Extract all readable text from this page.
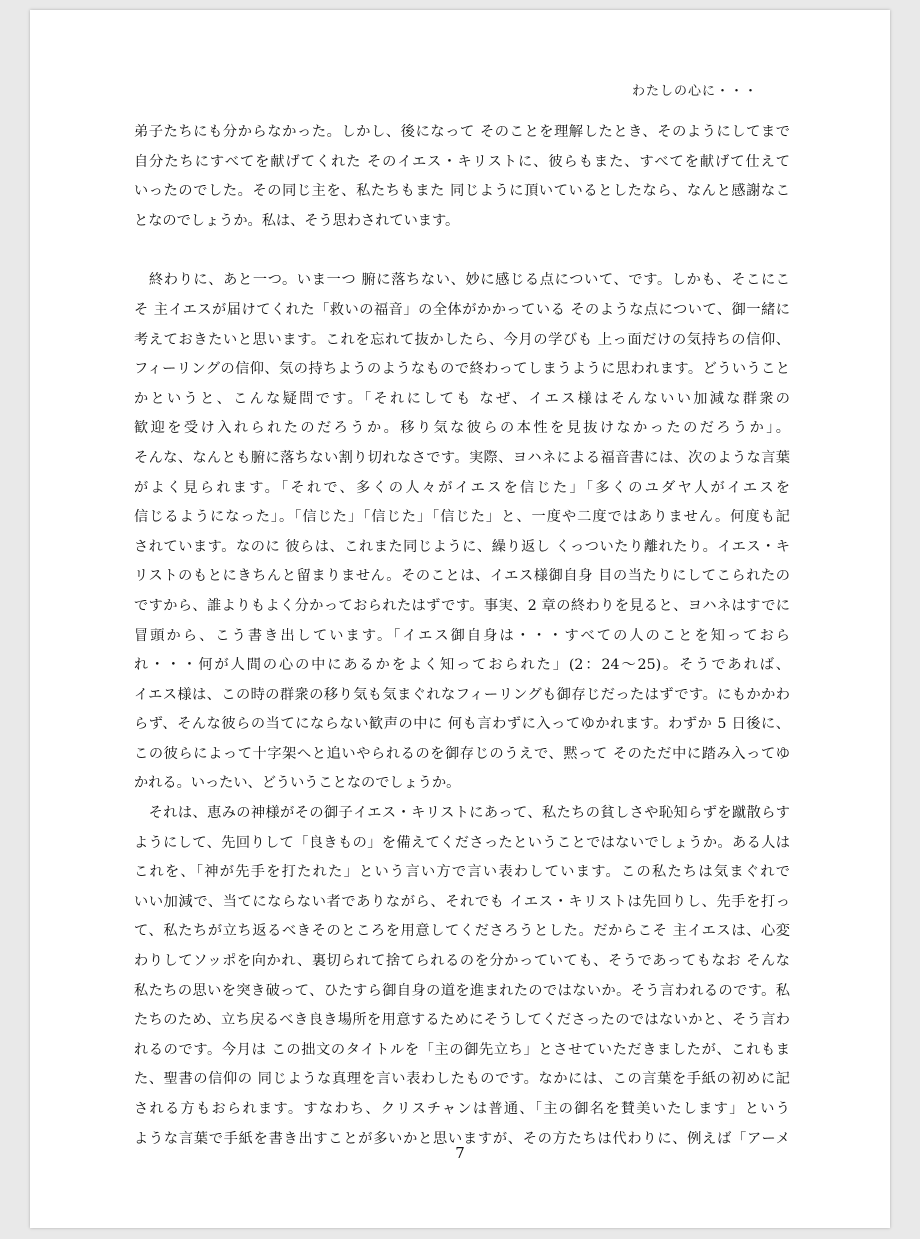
わたしの心に・・・
弟子たちにも分からなかった。しかし、後になって そのことを理解したとき、そのようにしてまで
自分たちにすべてを献げてくれた そのイエス・キリストに、彼らもまた、すべてを献げて仕えて
いったのでした。その同じ主を、私たちもまた 同じように頂いているとしたなら、なんと感謝なこ
となのでしょうか。私は、そう思わされています。
　終わりに、あと一つ。いま一つ 腑に落ちない、妙に感じる点について、です。しかも、そこにこ
そ 主イエスが届けてくれた「救いの福音」の全体がかかっている そのような点について、御一緒に
考えておきたいと思います。これを忘れて抜かしたら、今月の学びも 上っ面だけの気持ちの信仰、
フィーリングの信仰、気の持ちようのようなもので終わってしまうように思われます。どういうこと
かというと、こんな疑問です。「それにしても なぜ、イエス様はそんないい加減な群衆の
歓迎を受け入れられたのだろうか。移り気な彼らの本性を見抜けなかったのだろうか」。
そんな、なんとも腑に落ちない割り切れなさです。実際、ヨハネによる福音書には、次のような言葉
がよく見られます。「それで、多くの人々がイエスを信じた」「多くのユダヤ人がイエスを
信じるようになった」。「信じた」「信じた」「信じた」と、一度や二度ではありません。何度も記
されています。なのに 彼らは、これまた同じように、繰り返し くっついたり離れたり。イエス・キ
リストのもとにきちんと留まりません。そのことは、イエス様御自身 目の当たりにしてこられたの
ですから、誰よりもよく分かっておられたはずです。事実、2 章の終わりを見ると、ヨハネはすでに
冒頭から、こう書き出しています。「イエス御自身は・・・すべての人のことを知っておら
れ・・・何が人間の心の中にあるかをよく知っておられた」(2：24～25)。そうであれば、
イエス様は、この時の群衆の移り気も気まぐれなフィーリングも御存じだったはずです。にもかかわ
らず、そんな彼らの当てにならない歓声の中に 何も言わずに入ってゆかれます。わずか 5 日後に、
この彼らによって十字架へと追いやられるのを御存じのうえで、黙って そのただ中に踏み入ってゆ
かれる。いったい、どういうことなのでしょうか。
　それは、恵みの神様がその御子イエス・キリストにあって、私たちの貧しさや恥知らずを蹴散らす
ようにして、先回りして「良きもの」を備えてくださったということではないでしょうか。ある人は
これを、「神が先手を打たれた」という言い方で言い表わしています。この私たちは気まぐれで
いい加減で、当てにならない者でありながら、それでも イエス・キリストは先回りし、先手を打っ
て、私たちが立ち返るべきそのところを用意してくださろうとした。だからこそ 主イエスは、心変
わりしてソッポを向かれ、裏切られて捨てられるのを分かっていても、そうであってもなお そんな
私たちの思いを突き破って、ひたすら御自身の道を進まれたのではないか。そう言われるのです。私
たちのため、立ち戻るべき良き場所を用意するためにそうしてくださったのではないかと、そう言わ
れるのです。今月は この拙文のタイトルを「主の御先立ち」とさせていただきましたが、これもま
た、聖書の信仰の 同じような真理を言い表わしたものです。なかには、この言葉を手紙の初めに記
される方もおられます。すなわち、クリスチャンは普通、「主の御名を賛美いたします」という
ような言葉で手紙を書き出すことが多いかと思いますが、その方たちは代わりに、例えば「アーメ
7
